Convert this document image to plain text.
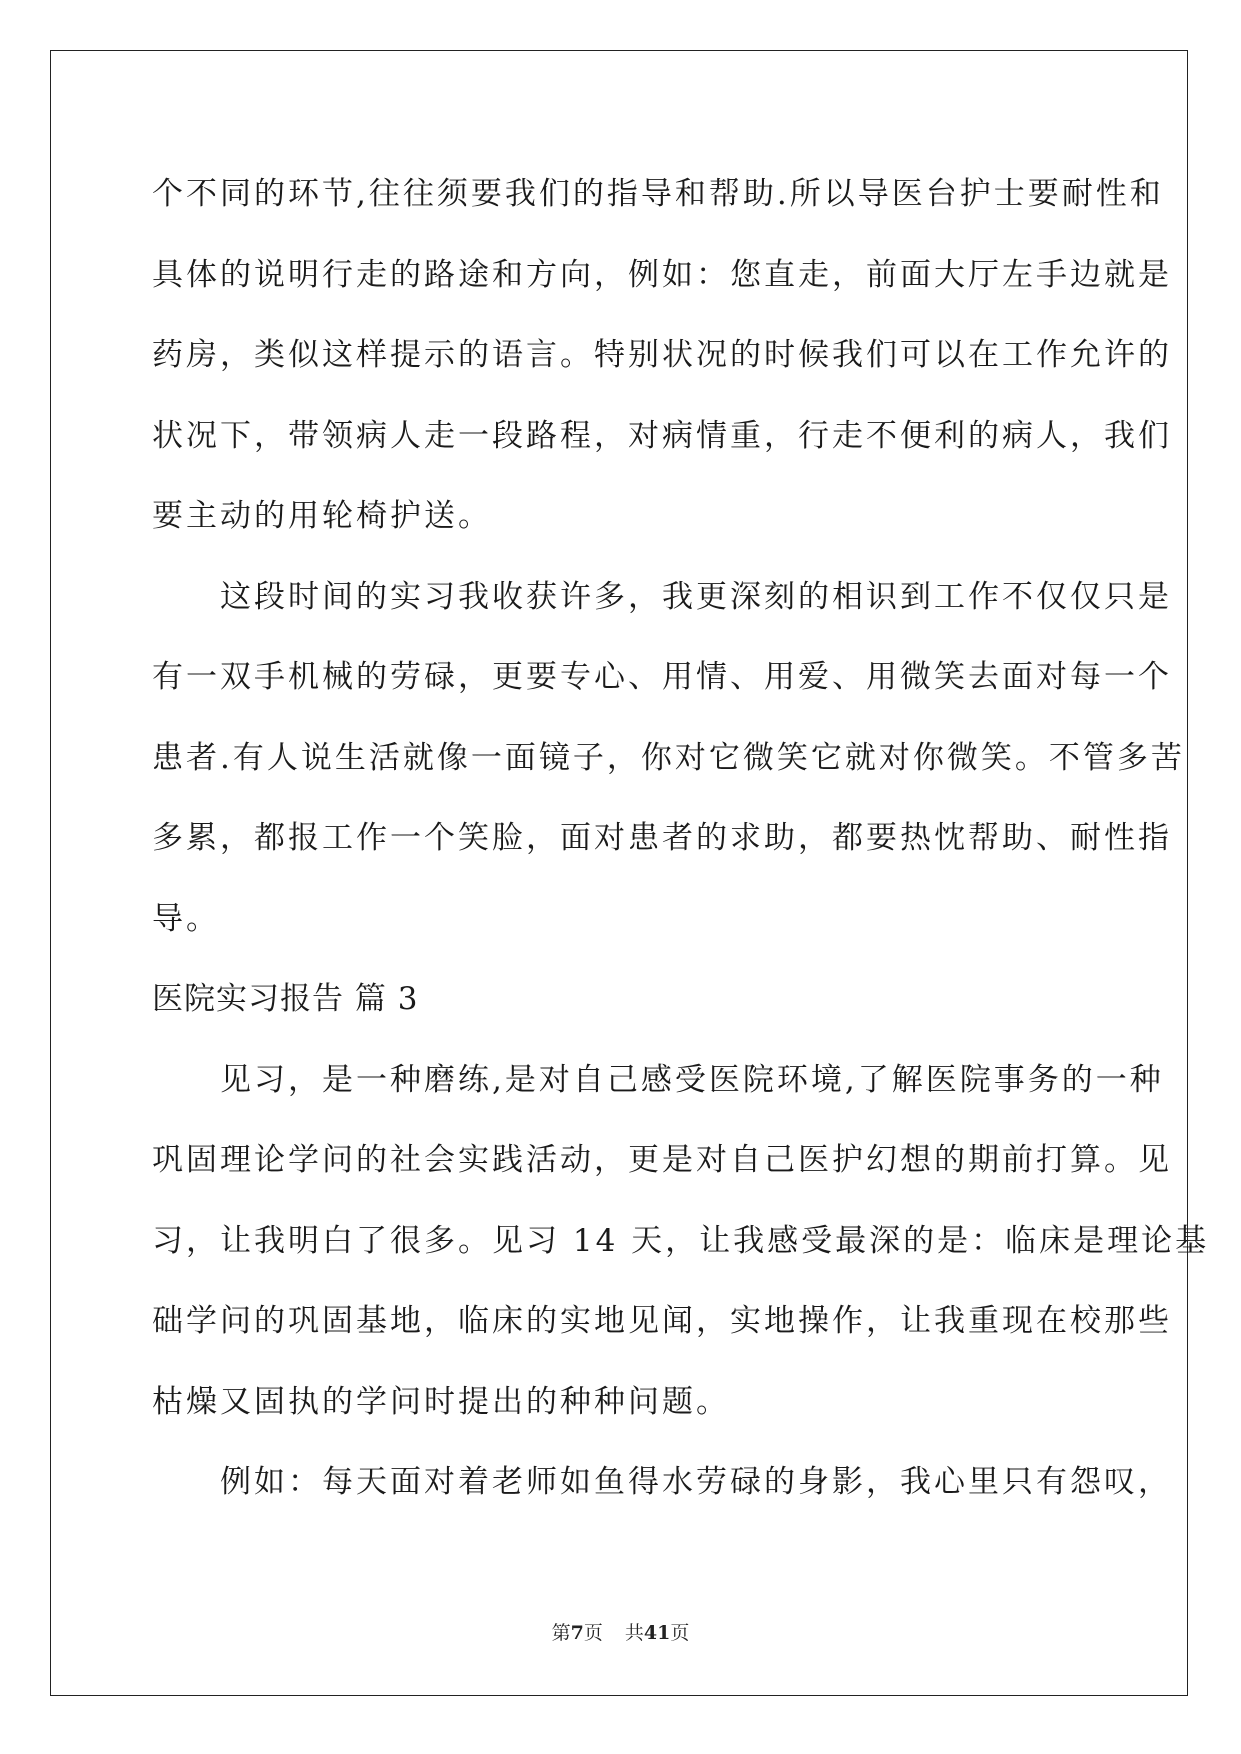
个不同的环节,往往须要我们的指导和帮助.所以导医台护士要耐性和
具体的说明行走的路途和方向，例如：您直走，前面大厅左手边就是
药房，类似这样提示的语言。特别状况的时候我们可以在工作允许的
状况下，带领病人走一段路程，对病情重，行走不便利的病人，我们
要主动的用轮椅护送。
　　这段时间的实习我收获许多，我更深刻的相识到工作不仅仅只是
有一双手机械的劳碌，更要专心、用情、用爱、用微笑去面对每一个
患者.有人说生活就像一面镜子，你对它微笑它就对你微笑。不管多苦
多累，都报工作一个笑脸，面对患者的求助，都要热忱帮助、耐性指
导。
医院实习报告 篇 3
　　见习，是一种磨练,是对自己感受医院环境,了解医院事务的一种
巩固理论学问的社会实践活动，更是对自己医护幻想的期前打算。见
习，让我明白了很多。见习 14 天，让我感受最深的是：临床是理论基
础学问的巩固基地，临床的实地见闻，实地操作，让我重现在校那些
枯燥又固执的学问时提出的种种问题。
　　例如：每天面对着老师如鱼得水劳碌的身影，我心里只有怨叹，
第7页 共41页
